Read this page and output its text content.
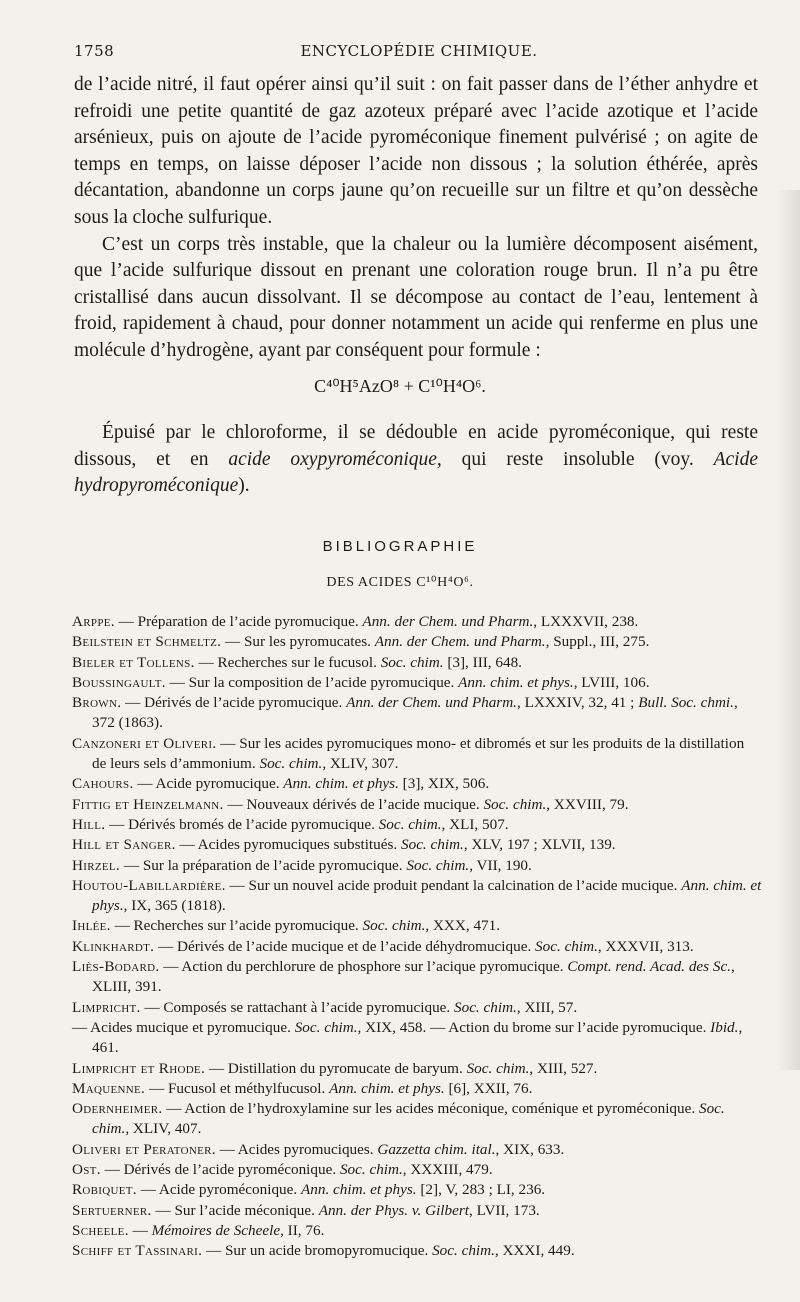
1758	ENCYCLOPÉDIE CHIMIQUE.

de l’acide nitré, il faut opérer ainsi qu’il suit : on fait passer dans de l’éther anhydre et refroidi une petite quantité de gaz azoteux préparé avec l’acide azotique et l’acide arsénieux, puis on ajoute de l’acide pyroméconique finement pulvérisé ; on agite de temps en temps, on laisse déposer l’acide non dissous ; la solution éthérée, après décantation, abandonne un corps jaune qu’on recueille sur un filtre et qu’on dessèche sous la cloche sulfurique.

C’est un corps très instable, que la chaleur ou la lumière décomposent aisément, que l’acide sulfurique dissout en prenant une coloration rouge brun. Il n’a pu être cristallisé dans aucun dissolvant. Il se décompose au contact de l’eau, lentement à froid, rapidement à chaud, pour donner notamment un acide qui renferme en plus une molécule d’hydrogène, ayant par conséquent pour formule :

C⁴⁰H⁵AzO⁸ + C¹⁰H⁴O⁶.

Épuisé par le chloroforme, il se dédouble en acide pyroméconique, qui reste dissous, et en acide oxypyroméconique, qui reste insoluble (voy. Acide hydropyroméconique).

BIBLIOGRAPHIE
DES ACIDES C¹⁰H⁴O⁶.

Arppe. — Préparation de l’acide pyromucique. Ann. der Chem. und Pharm., LXXXVII, 238.

Beilstein et Schmeltz. — Sur les pyromucates. Ann. der Chem. und Pharm., Suppl., III, 275.

Bieler et Tollens. — Recherches sur le fucusol. Soc. chim. [3], III, 648.

Boussingault. — Sur la composition de l’acide pyromucique. Ann. chim. et phys., LVIII, 106.

Brown. — Dérivés de l’acide pyromucique. Ann. der Chem. und Pharm., LXXXIV, 32, 41 ; Bull. Soc. chmi., 372 (1863).

Canzoneri et Oliveri. — Sur les acides pyromuciques mono- et dibromés et sur les produits de la distillation de leurs sels d’ammonium. Soc. chim., XLIV, 307.

Cahours. — Acide pyromucique. Ann. chim. et phys. [3], XIX, 506.

Fittig et Heinzelmann. — Nouveaux dérivés de l’acide mucique. Soc. chim., XXVIII, 79.

Hill. — Dérivés bromés de l’acide pyromucique. Soc. chim., XLI, 507.

Hill et Sanger. — Acides pyromuciques substitués. Soc. chim., XLV, 197 ; XLVII, 139.

Hirzel. — Sur la préparation de l’acide pyromucique. Soc. chim., VII, 190.

Houtou-Labillardière. — Sur un nouvel acide produit pendant la calcination de l’acide mucique. Ann. chim. et phys., IX, 365 (1818).

Ihlée. — Recherches sur l’acide pyromucique. Soc. chim., XXX, 471.

Klinkhardt. — Dérivés de l’acide mucique et de l’acide déhydromucique. Soc. chim., XXXVII, 313.

Liès-Bodard. — Action du perchlorure de phosphore sur l’acique pyromucique. Compt. rend. Acad. des Sc., XLIII, 391.

Limpricht. — Composés se rattachant à l’acide pyromucique. Soc. chim., XIII, 57.

— Acides mucique et pyromucique. Soc. chim., XIX, 458. — Action du brome sur l’acide pyromucique. Ibid., 461.

Limpricht et Rhode. — Distillation du pyromucate de baryum. Soc. chim., XIII, 527.

Maquenne. — Fucusol et méthylfucusol. Ann. chim. et phys. [6], XXII, 76.

Odernheimer. — Action de l’hydroxylamine sur les acides méconique, coménique et pyroméconique. Soc. chim., XLIV, 407.

Oliveri et Peratoner. — Acides pyromuciques. Gazzetta chim. ital., XIX, 633.

Ost. — Dérivés de l’acide pyroméconique. Soc. chim., XXXIII, 479.

Robiquet. — Acide pyroméconique. Ann. chim. et phys. [2], V, 283 ; LI, 236.

Sertuerner. — Sur l’acide méconique. Ann. der Phys. v. Gilbert, LVII, 173.

Scheele. — Mémoires de Scheele, II, 76.

Schiff et Tassinari. — Sur un acide bromopyromucique. Soc. chim., XXXI, 449.
